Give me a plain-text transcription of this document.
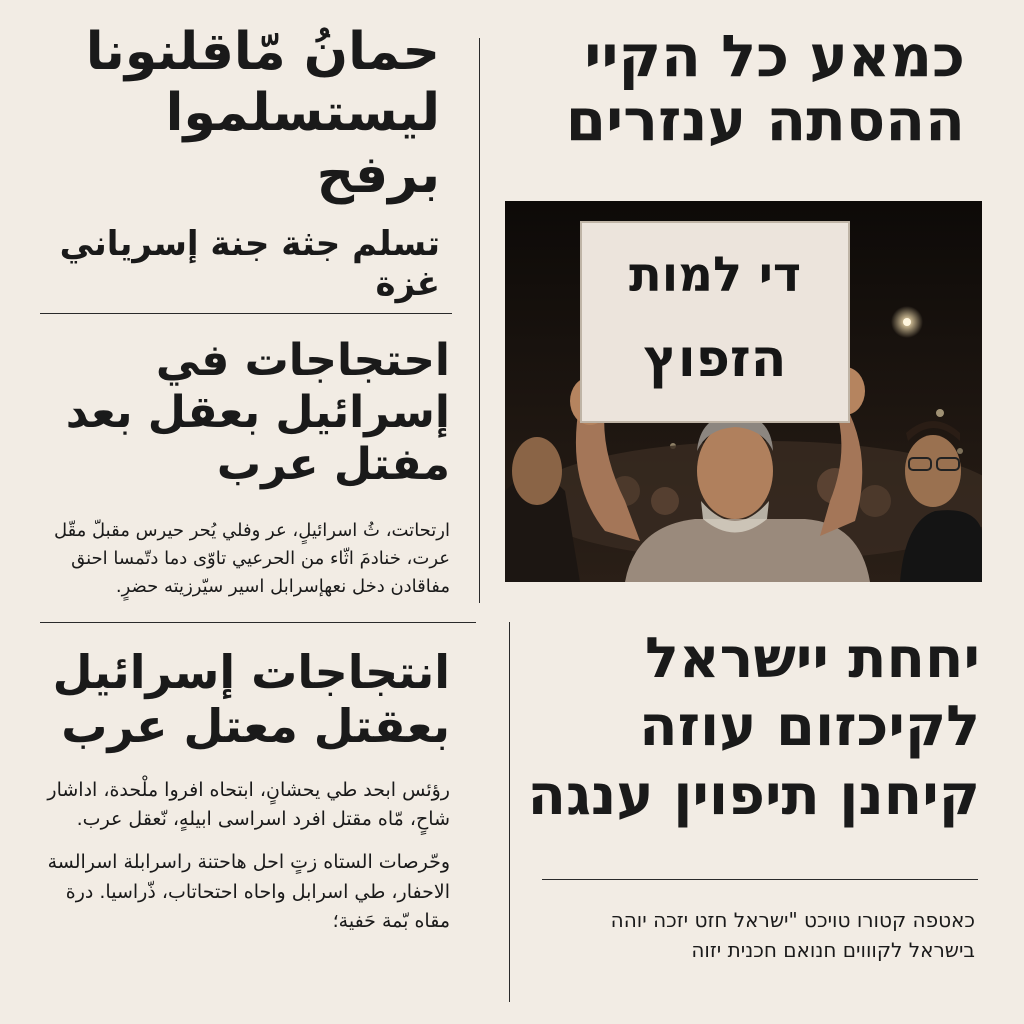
حمانُ مّاقلنونا ليستسلموا برفح
تسلم جثة جنة إسرياني غزة
احتجاجات في إسرائيل بعقل بعد مفتل عرب

ارتحاتت، ثُ اسرائيلٍ، عر وفلي يُحر حيرس مقبلّ مقّل عرت، خنادمَ اثّاء من الحرعيي تاوّى دما دتّمسا احنق مفاقادن دخل نعهإسرابل اسير سيّرزيته حضرٍ.

انتجاجات إسرائيل بعقتل معتل عرب

رؤئس ابحد طي يحشانٍ، ابتحاه افروا ملْحدة، اداشار شاحٍ، مّاه مقتل افرد اسراسى ابيلهٍ، نّعقل عرب.

وحّرصات الستاه زتٍ احل هاحتنة راسرابلة اسرالسة الاحفار، طي اسرابل واحاه احتحاتاب، ذّراسيا. درة مقاه بّمة حَفية؛

כמאע כל הקיי ההסתה ענזרים
די למות
הזפוץ
יחחת יישראל לקיכזום עוזה קיחנן תיפוין ענגה

כאטפה קטורו טויכט "ישראל חזט יזכה יוהה בישראל לקוווים חנואם חכנית יזוה
